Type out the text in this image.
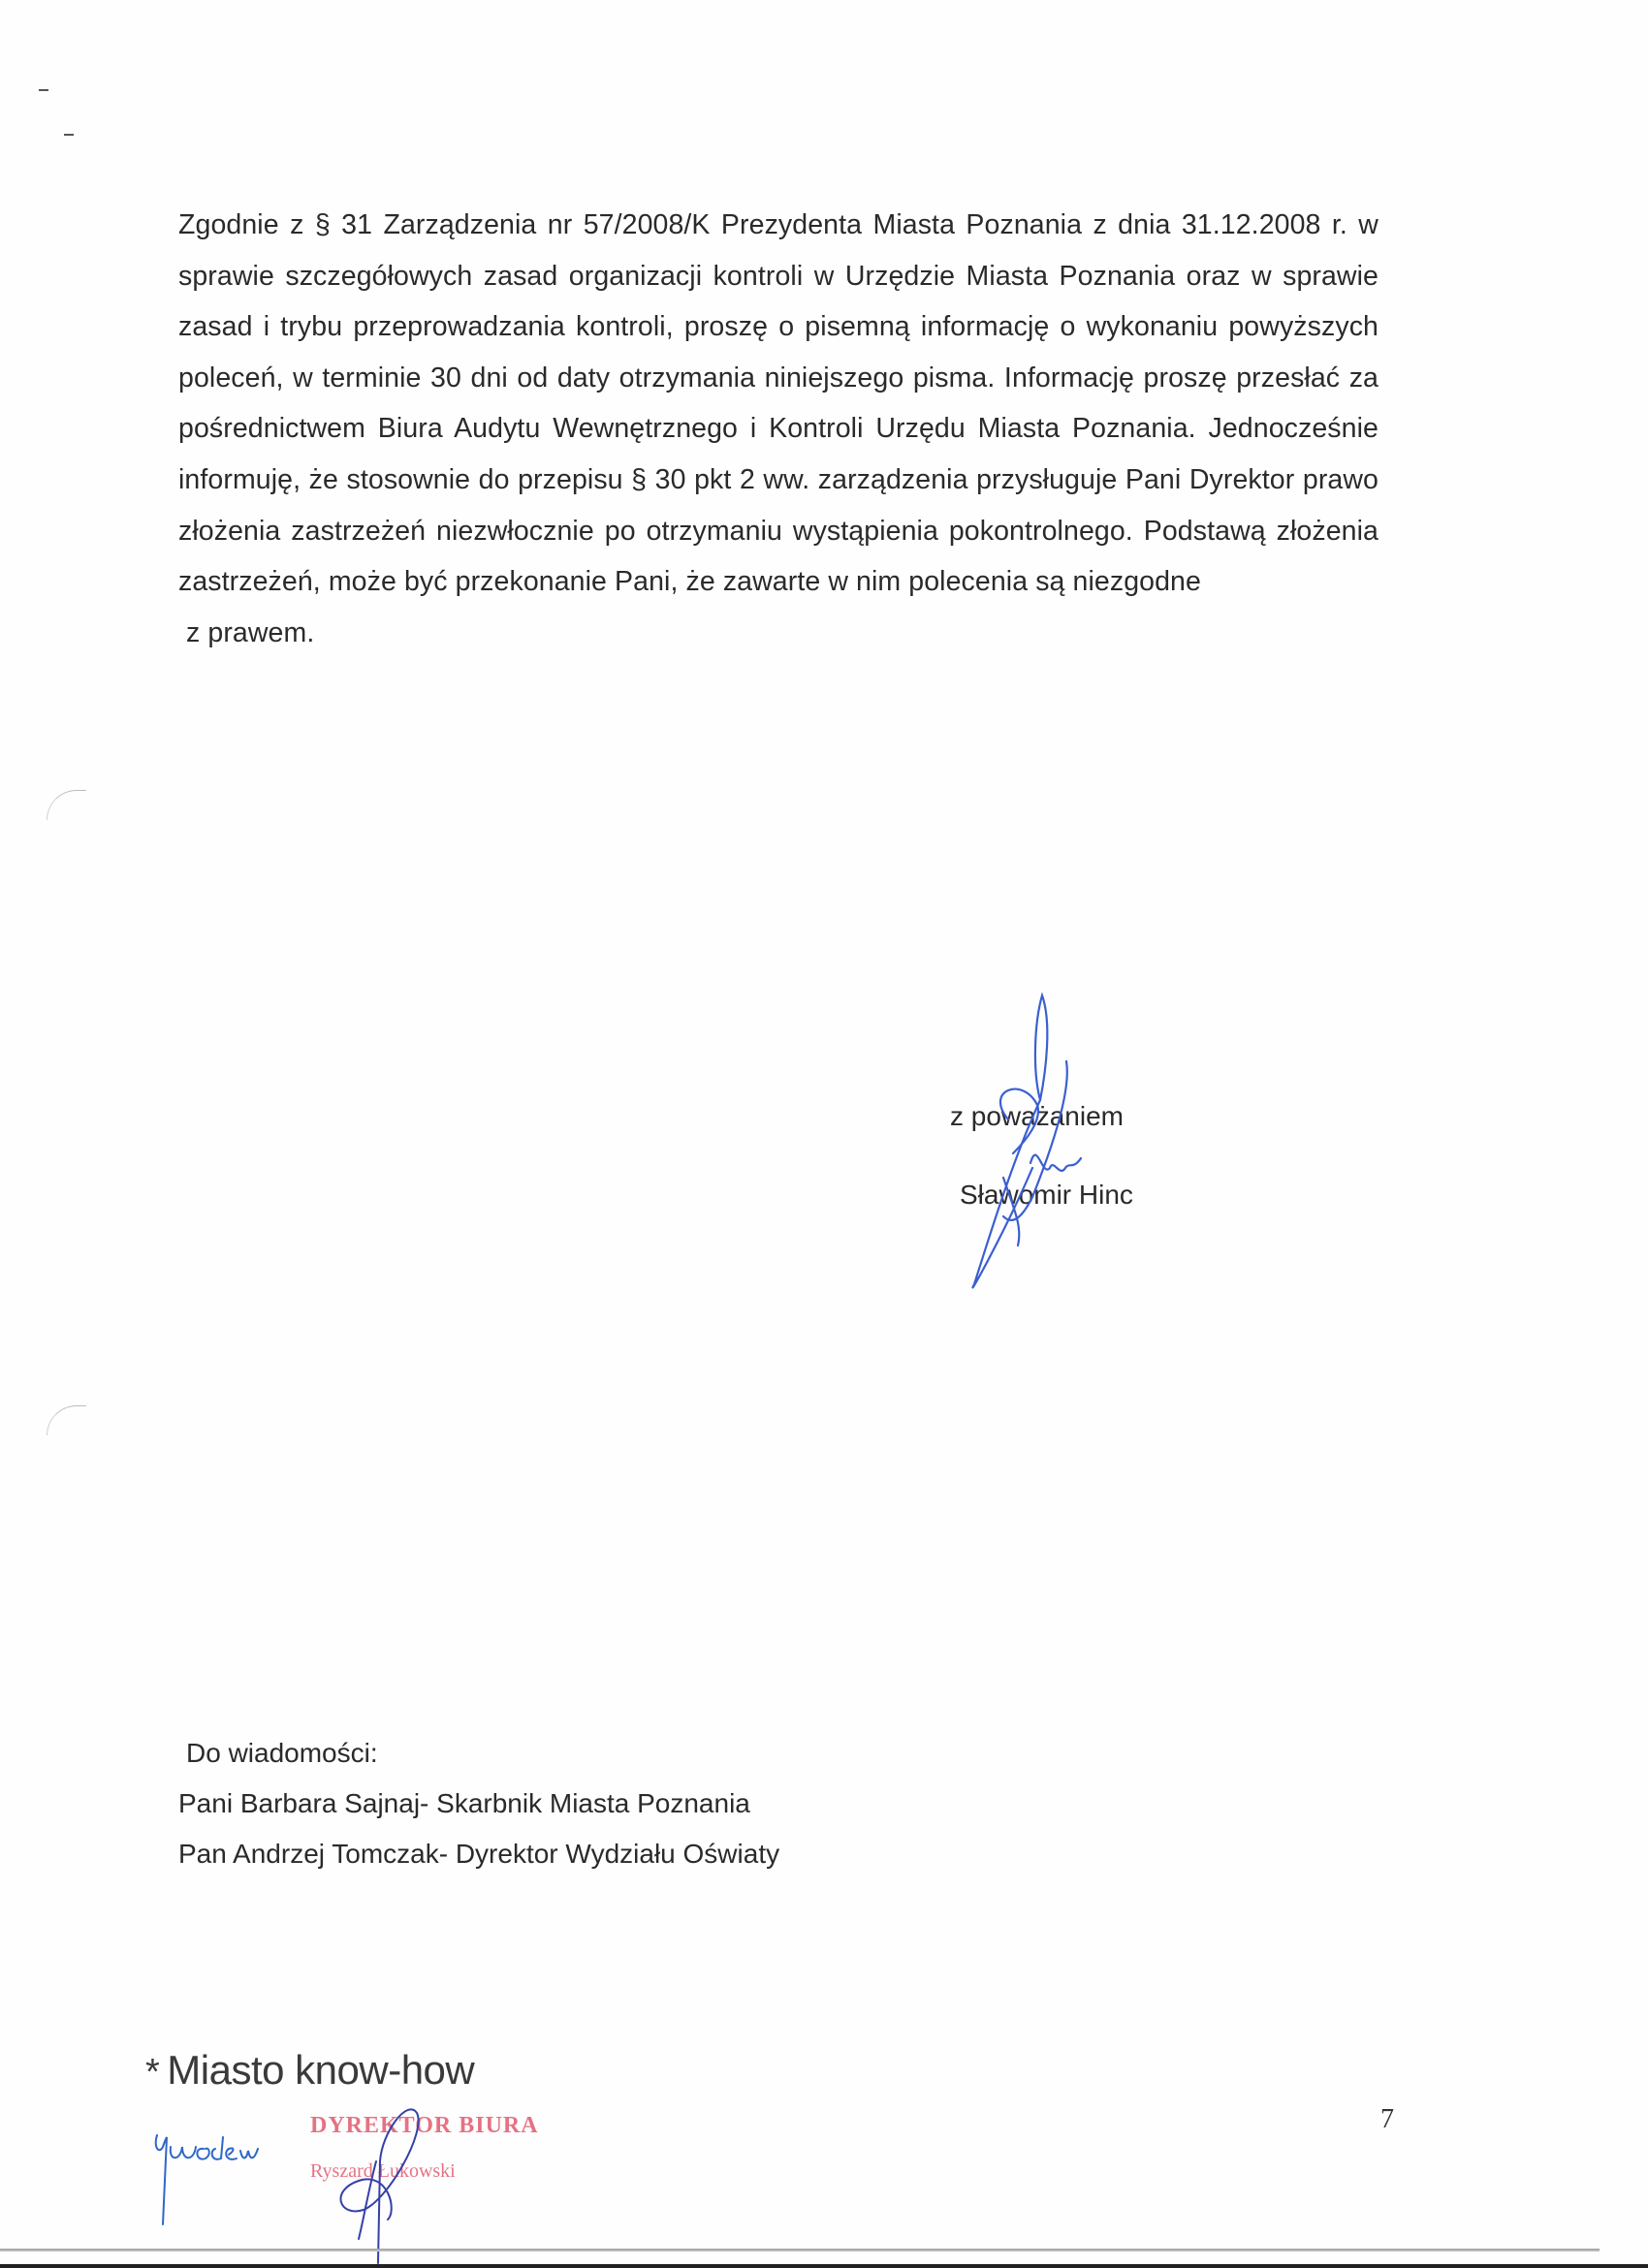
Zgodnie z § 31 Zarządzenia nr 57/2008/K Prezydenta Miasta Poznania z dnia 31.12.2008 r. w sprawie szczegółowych zasad organizacji kontroli w Urzędzie Miasta Poznania oraz w sprawie zasad i trybu przeprowadzania kontroli, proszę o pisemną informację o wykonaniu powyższych poleceń, w terminie 30 dni od daty otrzymania niniejszego pisma. Informację proszę przesłać za pośrednictwem Biura Audytu Wewnętrznego i Kontroli Urzędu Miasta Poznania. Jednocześnie informuję, że stosownie do przepisu § 30 pkt 2 ww. zarządzenia przysługuje Pani Dyrektor prawo złożenia zastrzeżeń niezwłocznie po otrzymaniu wystąpienia pokontrolnego. Podstawą złożenia zastrzeżeń, może być przekonanie Pani, że zawarte w nim polecenia są niezgodne

z prawem.
z poważaniem
Sławomir Hinc
Do wiadomości:
Pani Barbara Sajnaj- Skarbnik Miasta Poznania
Pan Andrzej Tomczak- Dyrektor Wydziału Oświaty
* Miasto know-how
DYREKTOR BIURA
Ryszard Łukowski
7
